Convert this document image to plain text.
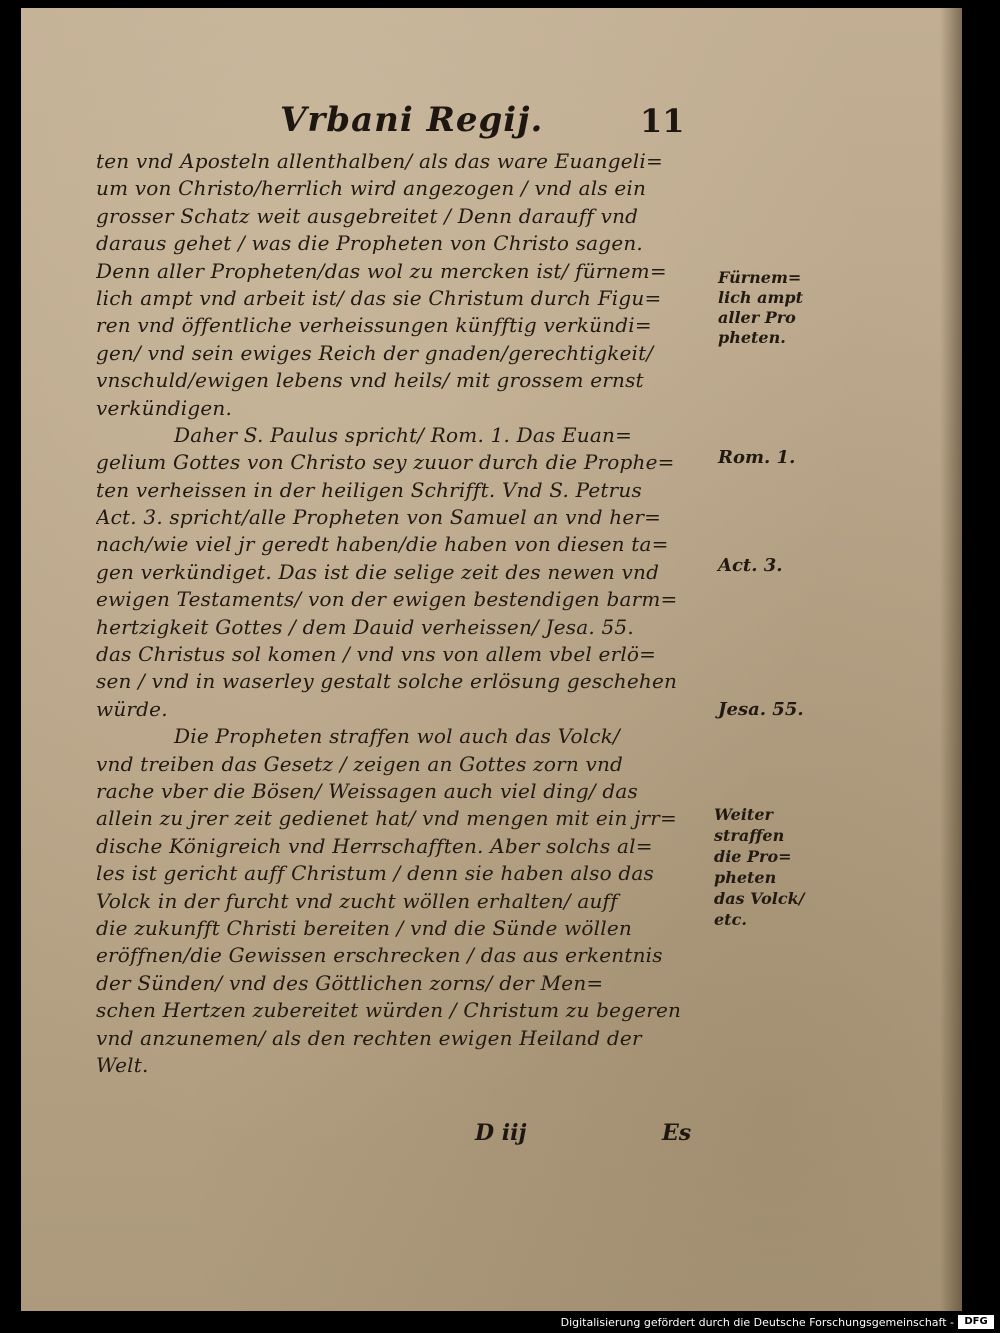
Vrbani Regij.	11
ten vnd Aposteln allenthalben/ als das ware Euangeli=
um von Christo/herrlich wird angezogen / vnd als ein
grosser Schatz weit ausgebreitet / Denn darauff vnd
daraus gehet / was die Propheten von Christo sagen.
Denn aller Propheten/das wol zu mercken ist/ fürnem=
lich ampt vnd arbeit ist/ das sie Christum durch Figu=
ren vnd öffentliche verheissungen künfftig verkündi=
gen/ vnd sein ewiges Reich der gnaden/gerechtigkeit/
vnschuld/ewigen lebens vnd heils/ mit grossem ernst
verkündigen.
Daher S. Paulus spricht/ Rom. 1. Das Euan=
gelium Gottes von Christo sey zuuor durch die Prophe=
ten verheissen in der heiligen Schrifft. Vnd S. Petrus
Act. 3. spricht/alle Propheten von Samuel an vnd her=
nach/wie viel jr geredt haben/die haben von diesen ta=
gen verkündiget. Das ist die selige zeit des newen vnd
ewigen Testaments/ von der ewigen bestendigen barm=
hertzigkeit Gottes / dem Dauid verheissen/ Jesa. 55.
das Christus sol komen / vnd vns von allem vbel erlö=
sen / vnd in waserley gestalt solche erlösung geschehen
würde.
Die Propheten straffen wol auch das Volck/
vnd treiben das Gesetz / zeigen an Gottes zorn vnd
rache vber die Bösen/ Weissagen auch viel ding/ das
allein zu jrer zeit gedienet hat/ vnd mengen mit ein jrr=
dische Königreich vnd Herrschafften. Aber solchs al=
les ist gericht auff Christum / denn sie haben also das
Volck in der furcht vnd zucht wöllen erhalten/ auff
die zukunfft Christi bereiten / vnd die Sünde wöllen
eröffnen/die Gewissen erschrecken / das aus erkentnis
der Sünden/ vnd des Göttlichen zorns/ der Men=
schen Hertzen zubereitet würden / Christum zu begeren
vnd anzunemen/ als den rechten ewigen Heiland der
Welt.
Fürnem=
lich ampt
aller Pro
pheten.
Rom. 1.
Act. 3.
Jesa. 55.
Weiter
straffen
die Pro=
pheten
das Volck/
etc.
D iij	Es
Digitalisierung gefördert durch die Deutsche Forschungsgemeinschaft -	DFG
